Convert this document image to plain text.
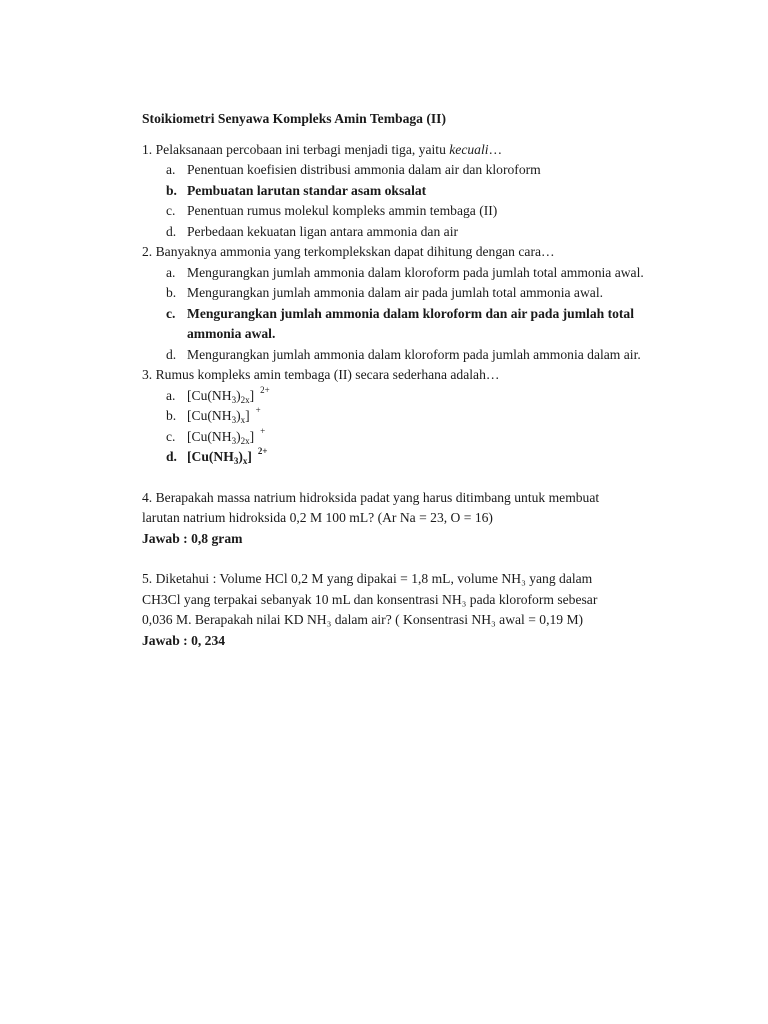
Stoikiometri Senyawa Kompleks Amin Tembaga (II)

1. Pelaksanaan percobaan ini terbagi menjadi tiga, yaitu kecuali…

a. Penentuan koefisien distribusi ammonia dalam air dan kloroform
b. Pembuatan larutan standar asam oksalat
c. Penentuan rumus molekul kompleks ammin tembaga (II)
d. Perbedaan kekuatan ligan antara ammonia dan air

2. Banyaknya ammonia yang terkomplekskan dapat dihitung dengan cara…

a. Mengurangkan jumlah ammonia dalam kloroform pada jumlah total ammonia awal.
b. Mengurangkan jumlah ammonia dalam air pada jumlah total ammonia awal.
c. Mengurangkan jumlah ammonia dalam kloroform dan air pada jumlah total ammonia awal.
d. Mengurangkan jumlah ammonia dalam kloroform pada jumlah ammonia dalam air.

3. Rumus kompleks amin tembaga (II) secara sederhana adalah…

a. $[Cu(NH_3)_{2x}]$ $^{2+}$
b. $[Cu(NH_3)_x]$ +
c. $[Cu(NH_3)_{2x}]$ +
d. $[Cu(NH_3)_x]$ $^{2+}$

4. Berapakah massa natrium hidroksida padat yang harus ditimbang untuk membuat

larutan natrium hidroksida 0,2 M 100 mL? (Ar Na = 23, O = 16)

Jawab : 0,8 gram

5. Diketahui : Volume HCl 0,2 M yang dipakai = 1,8 mL, volume NH₃ yang dalam

CH3Cl yang terpakai sebanyak 10 mL dan konsentrasi NH₃ pada kloroform sebesar

0,036 M. Berapakah nilai KD NH₃ dalam air? ( Konsentrasi NH₃ awal = 0,19 M)

Jawab : 0, 234
